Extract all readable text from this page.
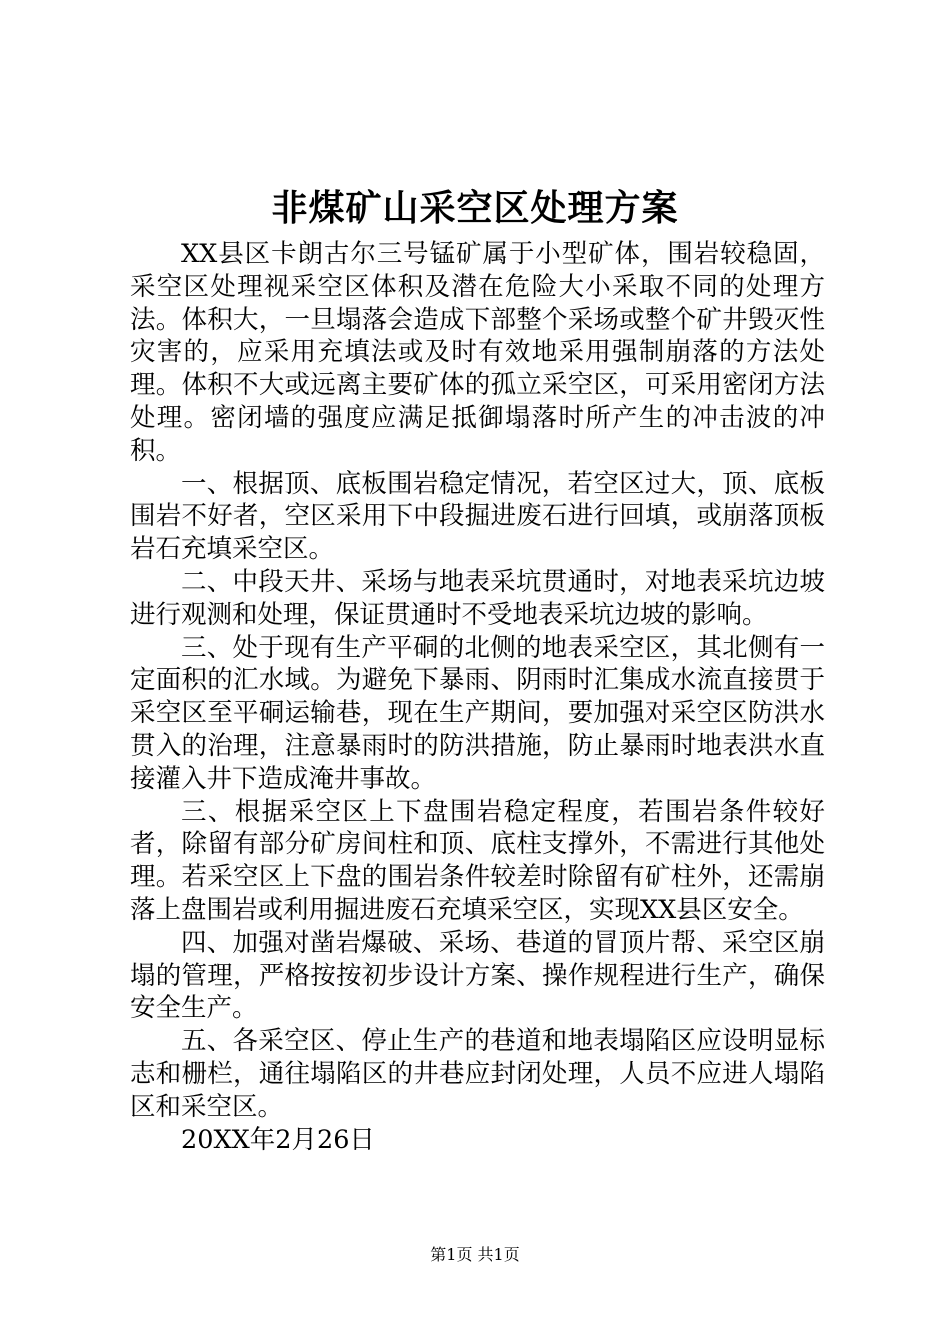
非煤矿山采空区处理方案

XX县区卡朗古尔三号锰矿属于小型矿体，围岩较稳固，采空区处理视采空区体积及潜在危险大小采取不同的处理方法。体积大，一旦塌落会造成下部整个采场或整个矿井毁灭性灾害的，应采用充填法或及时有效地采用强制崩落的方法处理。体积不大或远离主要矿体的孤立采空区，可采用密闭方法处理。密闭墙的强度应满足抵御塌落时所产生的冲击波的冲积。

一、根据顶、底板围岩稳定情况，若空区过大，顶、底板围岩不好者，空区采用下中段掘进废石进行回填，或崩落顶板岩石充填采空区。

二、中段天井、采场与地表采坑贯通时，对地表采坑边坡进行观测和处理，保证贯通时不受地表采坑边坡的影响。

三、处于现有生产平硐的北侧的地表采空区，其北侧有一定面积的汇水域。为避免下暴雨、阴雨时汇集成水流直接贯于采空区至平硐运输巷，现在生产期间，要加强对采空区防洪水贯入的治理，注意暴雨时的防洪措施，防止暴雨时地表洪水直接灌入井下造成淹井事故。

三、根据采空区上下盘围岩稳定程度，若围岩条件较好者，除留有部分矿房间柱和顶、底柱支撑外，不需进行其他处理。若采空区上下盘的围岩条件较差时除留有矿柱外，还需崩落上盘围岩或利用掘进废石充填采空区，实现XX县区安全。

四、加强对凿岩爆破、采场、巷道的冒顶片帮、采空区崩塌的管理，严格按按初步设计方案、操作规程进行生产，确保安全生产。

五、各采空区、停止生产的巷道和地表塌陷区应设明显标志和栅栏，通往塌陷区的井巷应封闭处理，人员不应进人塌陷区和采空区。

20XX年2月26日

第1页 共1页
